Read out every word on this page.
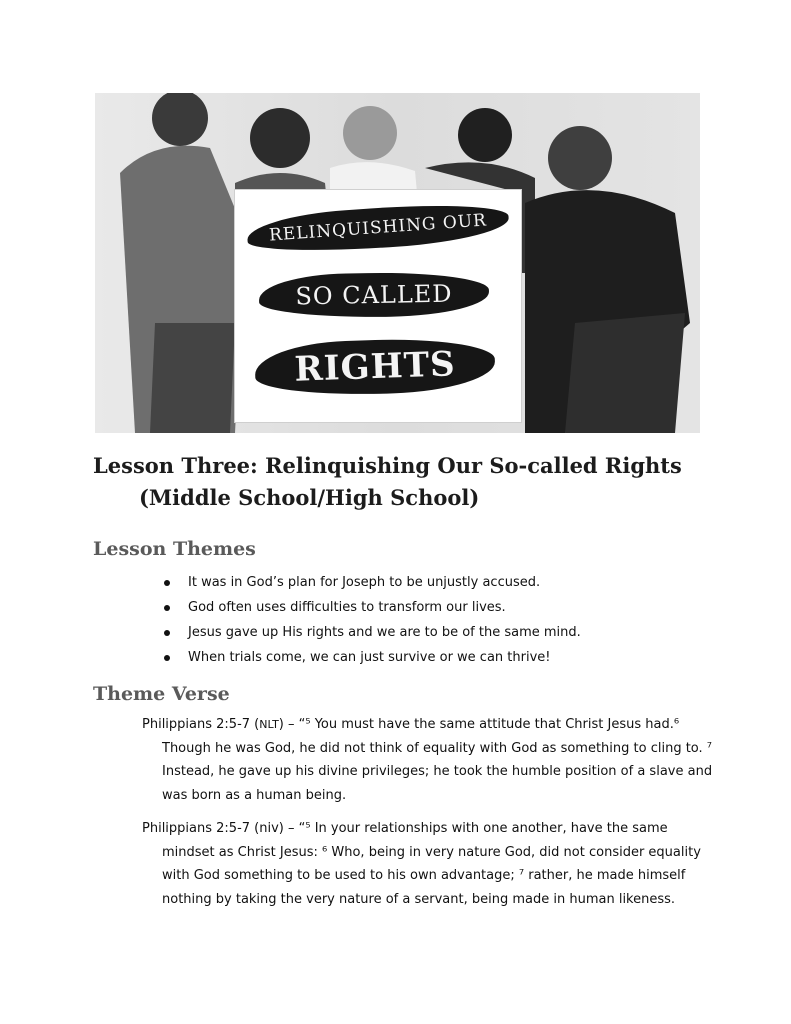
RELINQUISHING OUR
SO CALLED
RIGHTS
Lesson Three: Relinquishing Our So-called Rights
(Middle School/High School)
Lesson Themes
It was in God’s plan for Joseph to be unjustly accused.
God often uses difficulties to transform our lives.
Jesus gave up His rights and we are to be of the same mind.
When trials come, we can just survive or we can thrive!
Theme Verse

Philippians 2:5-7 (NLT) – “⁵ You must have the same attitude that Christ Jesus had.⁶ Though he was God, he did not think of equality with God as something to cling to. ⁷ Instead, he gave up his divine privileges; he took the humble position of a slave and was born as a human being.

Philippians 2:5-7 (niv) – “⁵ In your relationships with one another, have the same mindset as Christ Jesus: ⁶ Who, being in very nature God, did not consider equality with God something to be used to his own advantage; ⁷ rather, he made himself nothing by taking the very nature of a servant, being made in human likeness.
